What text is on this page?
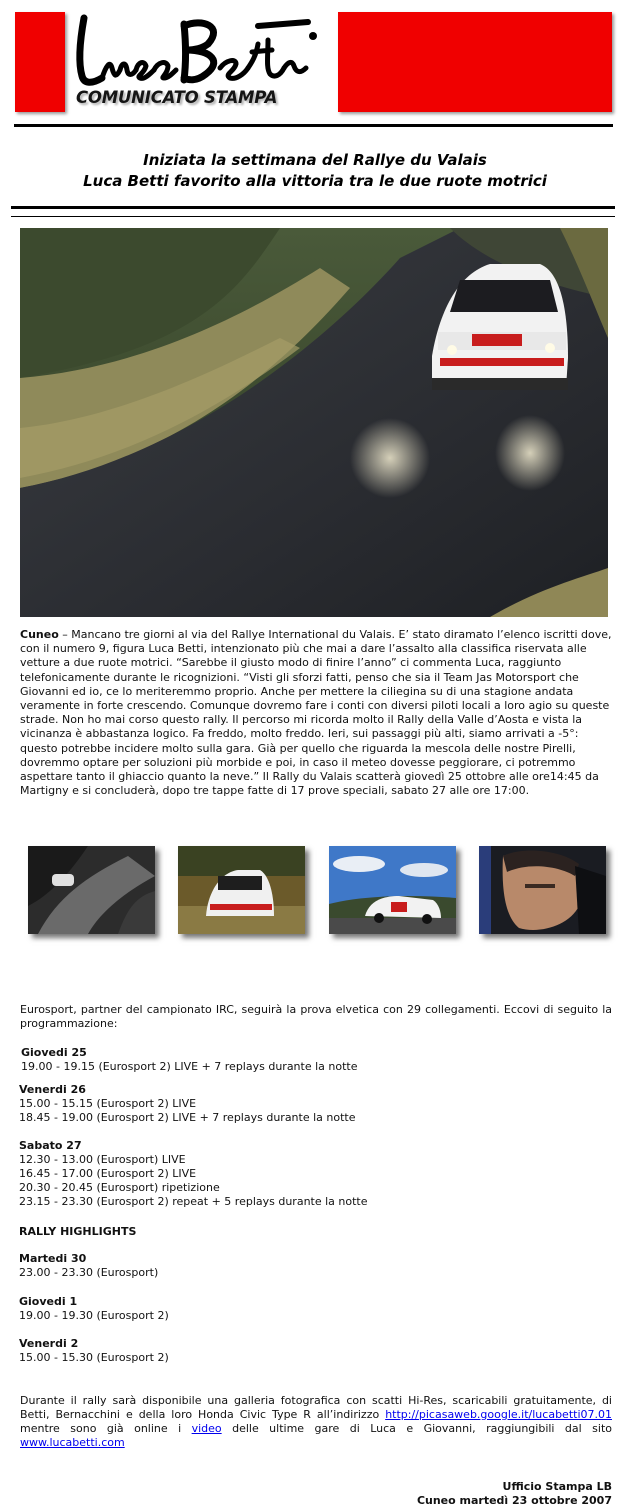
COMUNICATO STAMPA
Iniziata la settimana del Rallye du Valais
Luca Betti favorito alla vittoria tra le due ruote motrici
Cuneo – Mancano tre giorni al via del Rallye International du Valais. E’ stato diramato l’elenco iscritti dove, con il numero 9, figura Luca Betti, intenzionato più che mai a dare l’assalto alla classifica riservata alle vetture a due ruote motrici. “Sarebbe il giusto modo di finire l’anno” ci commenta Luca, raggiunto telefonicamente durante le ricognizioni. “Visti gli sforzi fatti, penso che sia il Team Jas Motorsport che Giovanni ed io, ce lo meriteremmo proprio. Anche per mettere la ciliegina su di una stagione andata veramente in forte crescendo. Comunque dovremo fare i conti con diversi piloti locali a loro agio su queste strade. Non ho mai corso questo rally. Il percorso mi ricorda molto il Rally della Valle d’Aosta e vista la vicinanza è abbastanza logico. Fa freddo, molto freddo. Ieri, sui passaggi più alti, siamo arrivati a -5°: questo potrebbe incidere molto sulla gara. Già per quello che riguarda la mescola delle nostre Pirelli, dovremmo optare per soluzioni più morbide e poi, in caso il meteo dovesse peggiorare, ci potremmo aspettare tanto il ghiaccio quanto la neve.” Il Rally du Valais scatterà giovedì 25 ottobre alle ore14:45 da Martigny e si concluderà, dopo tre tappe fatte di 17 prove speciali, sabato 27 alle ore 17:00.
Eurosport, partner del campionato IRC, seguirà la prova elvetica con 29 collegamenti. Eccovi di seguito la programmazione:
Giovedi 25
19.00 - 19.15 (Eurosport 2) LIVE + 7 replays durante la notte
Venerdi 26
15.00 - 15.15 (Eurosport 2) LIVE
18.45 - 19.00 (Eurosport 2) LIVE + 7 replays durante la notte
Sabato 27
12.30 - 13.00 (Eurosport) LIVE
16.45 - 17.00 (Eurosport 2) LIVE
20.30 - 20.45 (Eurosport) ripetizione
23.15 - 23.30 (Eurosport 2) repeat + 5 replays durante la notte
RALLY HIGHLIGHTS
Martedi 30
23.00 - 23.30 (Eurosport)
Giovedi 1
19.00 - 19.30 (Eurosport 2)
Venerdi 2
15.00 - 15.30 (Eurosport 2)
Durante il rally sarà disponibile una galleria fotografica con scatti Hi-Res, scaricabili gratuitamente, di Betti, Bernacchini e della loro Honda Civic Type R all’indirizzo http://picasaweb.google.it/lucabetti07.01 mentre sono già online i video delle ultime gare di Luca e Giovanni, raggiungibili dal sito www.lucabetti.com
Ufficio Stampa LB
Cuneo martedì 23 ottobre 2007
